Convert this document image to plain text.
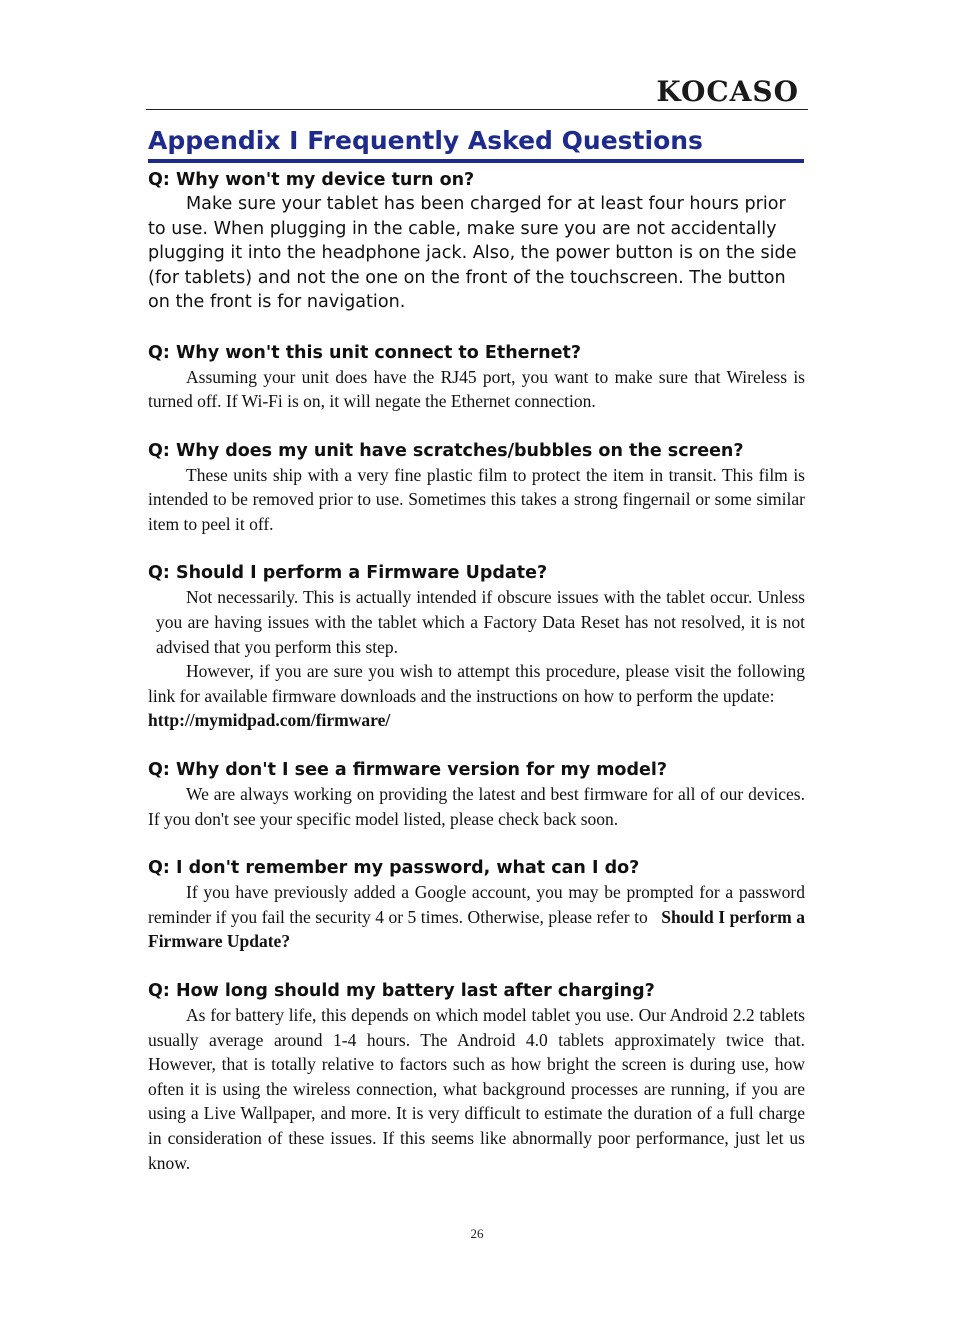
KOCASO
Appendix Ⅰ Frequently Asked Questions

Q: Why won't my device turn on?

Make sure your tablet has been charged for at least four hours prior to use. When plugging in the cable, make sure you are not accidentally plugging it into the headphone jack. Also, the power button is on the side (for tablets) and not the one on the front of the touchscreen. The button on the front is for navigation.

Q: Why won't this unit connect to Ethernet?

Assuming your unit does have the RJ45 port, you want to make sure that Wireless is turned off. If Wi-Fi is on, it will negate the Ethernet connection.

Q: Why does my unit have scratches/bubbles on the screen?

These units ship with a very fine plastic film to protect the item in transit. This film is intended to be removed prior to use. Sometimes this takes a strong fingernail or some similar item to peel it off.

Q: Should I perform a Firmware Update?

Not necessarily. This is actually intended if obscure issues with the tablet occur. Unless you are having issues with the tablet which a Factory Data Reset has not resolved, it is not advised that you perform this step.

However, if you are sure you wish to attempt this procedure, please visit the following link for available firmware downloads and the instructions on how to perform the update:

http://mymidpad.com/firmware/

Q: Why don't I see a firmware version for my model?

We are always working on providing the latest and best firmware for all of our devices. If you don't see your specific model listed, please check back soon.

Q: I don't remember my password, what can I do?

If you have previously added a Google account, you may be prompted for a password reminder if you fail the security 4 or 5 times. Otherwise, please refer to Should I perform a Firmware Update?

Q: How long should my battery last after charging?

As for battery life, this depends on which model tablet you use. Our Android 2.2 tablets usually average around 1-4 hours. The Android 4.0 tablets approximately twice that. However, that is totally relative to factors such as how bright the screen is during use, how often it is using the wireless connection, what background processes are running, if you are using a Live Wallpaper, and more. It is very difficult to estimate the duration of a full charge in consideration of these issues. If this seems like abnormally poor performance, just let us know.

26
